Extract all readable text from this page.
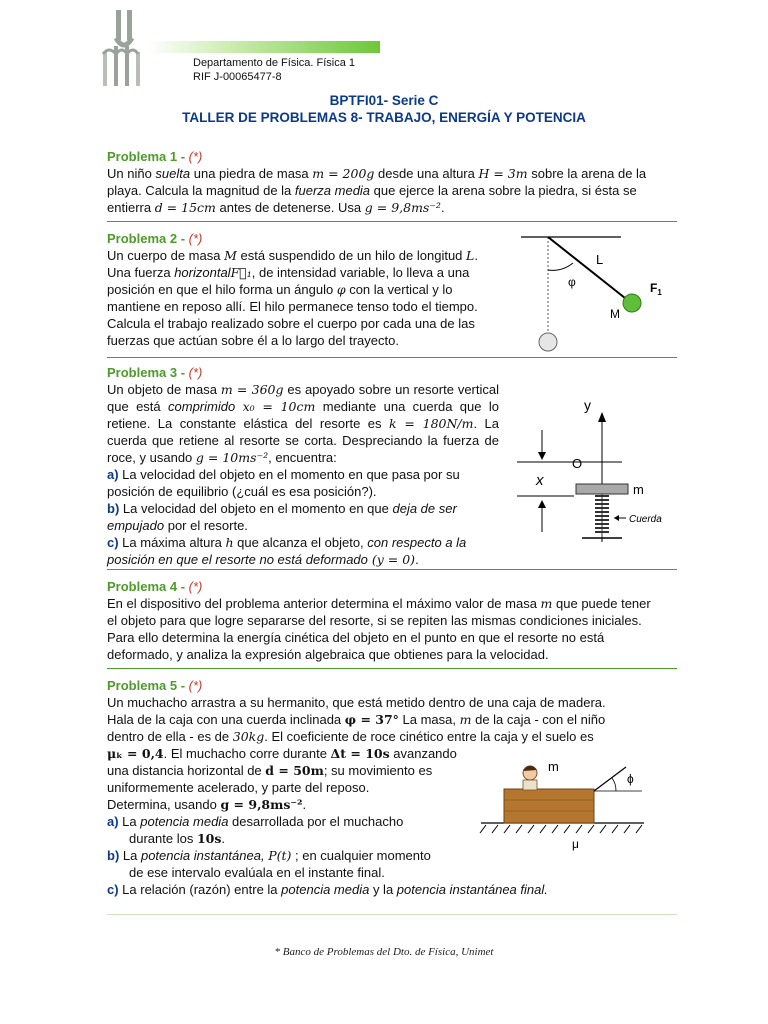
Departamento de Física. Física 1
RIF J-00065477-8
BPTFI01- Serie C
TALLER DE PROBLEMAS 8- TRABAJO, ENERGÍA Y POTENCIA
Problema 1 - (*)
Un niño suelta una piedra de masa m = 200g desde una altura H = 3m sobre la arena de la playa. Calcula la magnitud de la fuerza media que ejerce la arena sobre la piedra, si ésta se entierra d = 15cm antes de detenerse. Usa g = 9,8ms⁻².
Problema 2 - (*)
Un cuerpo de masa M está suspendido de un hilo de longitud L. Una fuerza horizontalF⃗₁, de intensidad variable, lo lleva a una posición en que el hilo forma un ángulo φ con la vertical y lo mantiene en reposo allí. El hilo permanece tenso todo el tiempo. Calcula el trabajo realizado sobre el cuerpo por cada una de las fuerzas que actúan sobre él a lo largo del trayecto.
L
φ	$F_1$
M
Problema 3 - (*)
Un objeto de masa m = 360g es apoyado sobre un resorte vertical que está comprimido x₀ = 10cm mediante una cuerda que lo retiene. La constante elástica del resorte es k = 180N/m. La cuerda que retiene al resorte se corta. Despreciando la fuerza de roce, y usando g = 10ms⁻², encuentra:
a) La velocidad del objeto en el momento en que pasa por su posición de equilibrio (¿cuál es esa posición?).
b) La velocidad del objeto en el momento en que deja de ser empujado por el resorte.
c) La máxima altura h que alcanza el objeto, con respecto a la posición en que el resorte no está deformado (y = 0).
y
O
x
m
Cuerda
Problema 4 - (*)
En el dispositivo del problema anterior determina el máximo valor de masa m que puede tener el objeto para que logre separarse del resorte, si se repiten las mismas condiciones iniciales. Para ello determina la energía cinética del objeto en el punto en que el resorte no está deformado, y analiza la expresión algebraica que obtienes para la velocidad.
Problema 5 - (*)
Un muchacho arrastra a su hermanito, que está metido dentro de una caja de madera.
Hala de la caja con una cuerda inclinada φ = 37° La masa, m de la caja - con el niño
dentro de ella - es de 30kg. El coeficiente de roce cinético entre la caja y el suelo es
μₖ = 0,4. El muchacho corre durante Δt = 10s avanzando
una distancia horizontal de d = 50m; su movimiento es
uniformemente acelerado, y parte del reposo.
Determina, usando g = 9,8ms⁻².
a) La potencia media desarrollada por el muchacho
durante los 10s.
b) La potencia instantánea, P(t) ; en cualquier momento
de ese intervalo evalúala en el instante final.
c) La relación (razón) entre la potencia media y la potencia instantánea final.
m
ϕ
μ
* Banco de Problemas del Dto. de Física, Unimet
